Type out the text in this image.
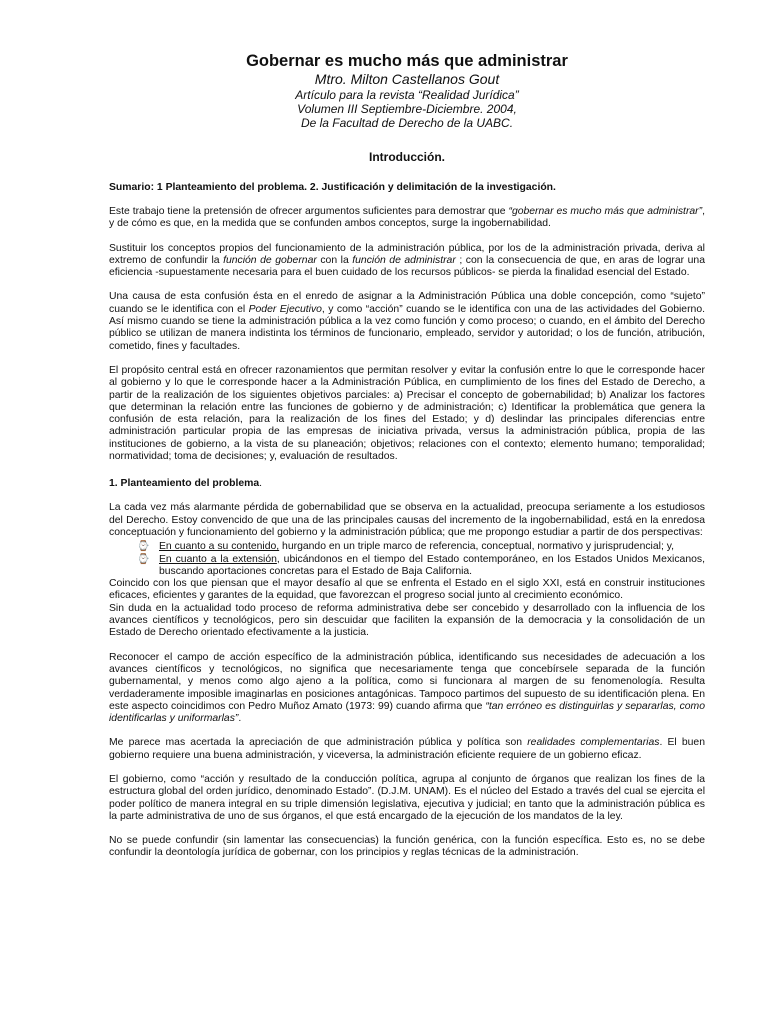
Gobernar es mucho más que administrar
Mtro. Milton Castellanos Gout
Artículo para la revista “Realidad Jurídica”
Volumen III Septiembre-Diciembre. 2004,
De la Facultad de Derecho de la UABC.
Introducción.
Sumario: 1 Planteamiento del problema. 2. Justificación y delimitación de la investigación.

Este trabajo tiene la pretensión de ofrecer argumentos suficientes para demostrar que “gobernar es mucho más que administrar”, y de cómo es que, en la medida que se confunden ambos conceptos, surge la ingobernabilidad.

Sustituir los conceptos propios del funcionamiento de la administración pública, por los de la administración privada, deriva al extremo de confundir la función de gobernar con la función de administrar ; con la consecuencia de que, en aras de lograr una eficiencia -supuestamente necesaria para el buen cuidado de los recursos públicos- se pierda la finalidad esencial del Estado.

Una causa de esta confusión ésta en el enredo de asignar a la Administración Pública una doble concepción, como “sujeto” cuando se le identifica con el Poder Ejecutivo, y como “acción” cuando se le identifica con una de las actividades del Gobierno. Así mismo cuando se tiene la administración pública a la vez como función y como proceso; o cuando, en el ámbito del Derecho público se utilizan de manera indistinta los términos de funcionario, empleado, servidor y autoridad; o los de función, atribución, cometido, fines y facultades.

El propósito central está en ofrecer razonamientos que permitan resolver y evitar la confusión entre lo que le corresponde hacer al gobierno y lo que le corresponde hacer a la Administración Pública, en cumplimiento de los fines del Estado de Derecho, a partir de la realización de los siguientes objetivos parciales: a) Precisar el concepto de gobernabilidad; b) Analizar los factores que determinan la relación entre las funciones de gobierno y de administración; c) Identificar la problemática que genera la confusión de esta relación, para la realización de los fines del Estado; y d) deslindar las principales diferencias entre administración particular propia de las empresas de iniciativa privada, versus la administración pública, propia de las instituciones de gobierno, a la vista de su planeación; objetivos; relaciones con el contexto; elemento humano; temporalidad; normatividad; toma de decisiones; y, evaluación de resultados.

1. Planteamiento del problema.

La cada vez más alarmante pérdida de gobernabilidad que se observa en la actualidad, preocupa seriamente a los estudiosos del Derecho. Estoy convencido de que una de las principales causas del incremento de la ingobernabilidad, está en la enredosa conceptuación y funcionamiento del gobierno y la administración pública; que me propongo estudiar a partir de dos perspectivas:

⌚ En cuanto a su contenido, hurgando en un triple marco de referencia, conceptual, normativo y jurisprudencial; y,
⌚ En cuanto a la extensión, ubicándonos en el tiempo del Estado contemporáneo, en los Estados Unidos Mexicanos, buscando aportaciones concretas para el Estado de Baja California.

Coincido con los que piensan que el mayor desafío al que se enfrenta el Estado en el siglo XXI, está en construir instituciones eficaces, eficientes y garantes de la equidad, que favorezcan el progreso social junto al crecimiento económico.

Sin duda en la actualidad todo proceso de reforma administrativa debe ser concebido y desarrollado con la influencia de los avances científicos y tecnológicos, pero sin descuidar que faciliten la expansión de la democracia y la consolidación de un Estado de Derecho orientado efectivamente a la justicia.

Reconocer el campo de acción específico de la administración pública, identificando sus necesidades de adecuación a los avances científicos y tecnológicos, no significa que necesariamente tenga que concebírsele separada de la función gubernamental, y menos como algo ajeno a la política, como si funcionara al margen de su fenomenología. Resulta verdaderamente imposible imaginarlas en posiciones antagónicas. Tampoco partimos del supuesto de su identificación plena. En este aspecto coincidimos con Pedro Muñoz Amato (1973: 99) cuando afirma que “tan erróneo es distinguirlas y separarlas, como identificarlas y uniformarlas”.

Me parece mas acertada la apreciación de que administración pública y política son realidades complementarias. El buen gobierno requiere una buena administración, y viceversa, la administración eficiente requiere de un gobierno eficaz.

El gobierno, como “acción y resultado de la conducción política, agrupa al conjunto de órganos que realizan los fines de la estructura global del orden jurídico, denominado Estado”. (D.J.M. UNAM). Es el núcleo del Estado a través del cual se ejercita el poder político de manera integral en su triple dimensión legislativa, ejecutiva y judicial; en tanto que la administración pública es la parte administrativa de uno de sus órganos, el que está encargado de la ejecución de los mandatos de la ley.

No se puede confundir (sin lamentar las consecuencias) la función genérica, con la función específica. Esto es, no se debe confundir la deontología jurídica de gobernar, con los principios y reglas técnicas de la administración.
